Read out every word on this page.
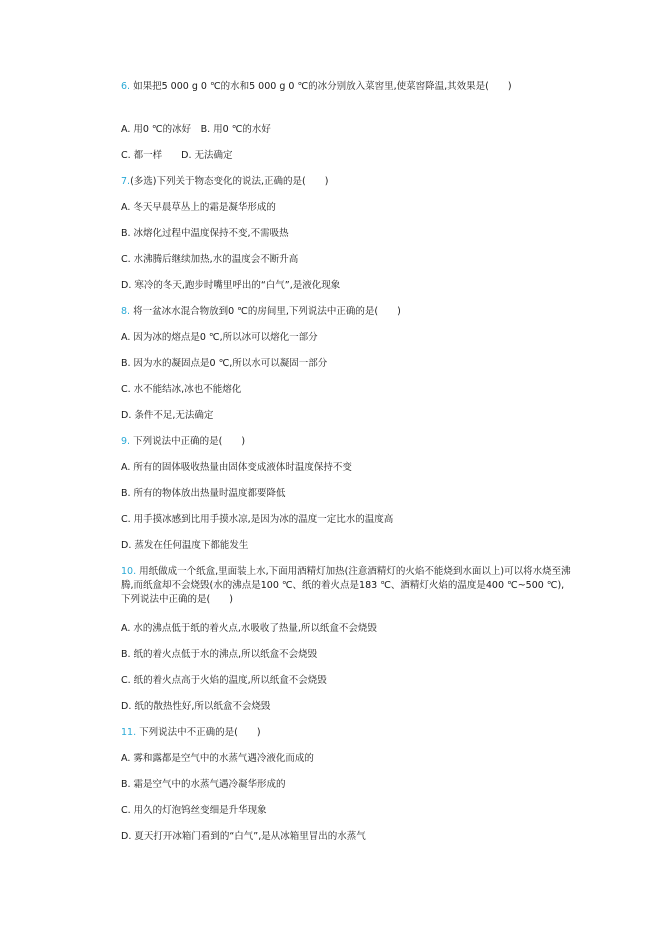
6. 如果把5 000 g 0 ℃的水和5 000 g 0 ℃的冰分别放入菜窖里,使菜窖降温,其效果是(　　)
A. 用0 ℃的冰好　B. 用0 ℃的水好
C. 都一样　　D. 无法确定
7.(多选)下列关于物态变化的说法,正确的是(　　)
A. 冬天早晨草丛上的霜是凝华形成的
B. 冰熔化过程中温度保持不变,不需吸热
C. 水沸腾后继续加热,水的温度会不断升高
D. 寒冷的冬天,跑步时嘴里呼出的“白气”,是液化现象
8. 将一盆冰水混合物放到0 ℃的房间里,下列说法中正确的是(　　)
A. 因为冰的熔点是0 ℃,所以冰可以熔化一部分
B. 因为水的凝固点是0 ℃,所以水可以凝固一部分
C. 水不能结冰,冰也不能熔化
D. 条件不足,无法确定
9. 下列说法中正确的是(　　)
A. 所有的固体吸收热量由固体变成液体时温度保持不变
B. 所有的物体放出热量时温度都要降低
C. 用手摸冰感到比用手摸水凉,是因为冰的温度一定比水的温度高
D. 蒸发在任何温度下都能发生
10. 用纸做成一个纸盒,里面装上水,下面用酒精灯加热(注意酒精灯的火焰不能烧到水面以上)可以将水烧至沸腾,而纸盒却不会烧毁(水的沸点是100 ℃、纸的着火点是183 ℃、酒精灯火焰的温度是400 ℃~500 ℃),下列说法中正确的是(　　)
A. 水的沸点低于纸的着火点,水吸收了热量,所以纸盒不会烧毁
B. 纸的着火点低于水的沸点,所以纸盒不会烧毁
C. 纸的着火点高于火焰的温度,所以纸盒不会烧毁
D. 纸的散热性好,所以纸盒不会烧毁
11. 下列说法中不正确的是(　　)
A. 雾和露都是空气中的水蒸气遇冷液化而成的
B. 霜是空气中的水蒸气遇冷凝华形成的
C. 用久的灯泡钨丝变细是升华现象
D. 夏天打开冰箱门看到的“白气”,是从冰箱里冒出的水蒸气
